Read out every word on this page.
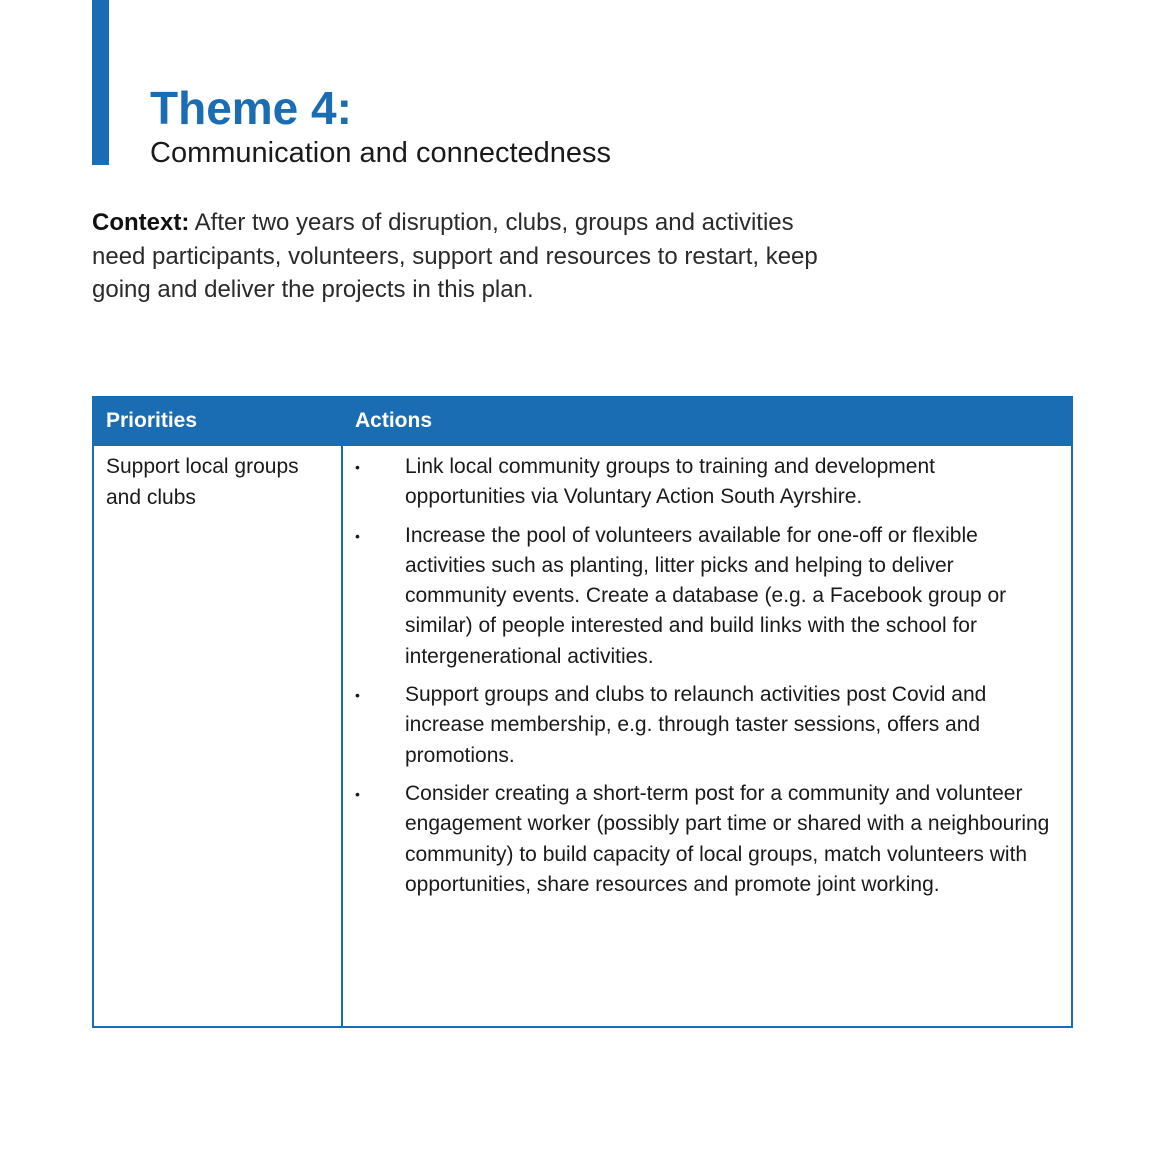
Theme 4:
Communication and connectedness

Context: After two years of disruption, clubs, groups and activities need participants, volunteers, support and resources to restart, keep going and deliver the projects in this plan.

Priorities	Actions
Support local groups and clubs
• Link local community groups to training and development opportunities via Voluntary Action South Ayrshire.
• Increase the pool of volunteers available for one-off or flexible activities such as planting, litter picks and helping to deliver community events. Create a database (e.g. a Facebook group or similar) of people interested and build links with the school for intergenerational activities.
• Support groups and clubs to relaunch activities post Covid and increase membership, e.g. through taster sessions, offers and promotions.
• Consider creating a short-term post for a community and volunteer engagement worker (possibly part time or shared with a neighbouring community) to build capacity of local groups, match volunteers with opportunities, share resources and promote joint working.
